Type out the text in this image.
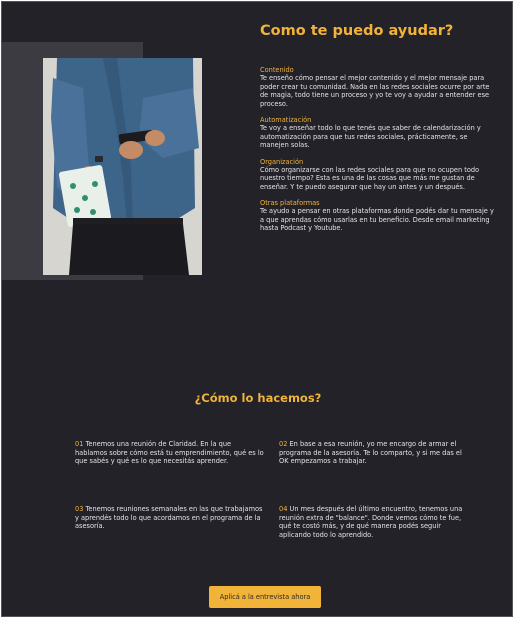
Como te puedo ayudar?
Contenido
Te enseño cómo pensar el mejor contenido y el mejor mensaje para poder crear tu comunidad. Nada en las redes sociales ocurre por arte de magia, todo tiene un proceso y yo te voy a ayudar a entender ese proceso.
Automatización
Te voy a enseñar todo lo que tenés que saber de calendarización y automatización para que tus redes sociales, prácticamente, se manejen solas.
Organización
Cómo organizarse con las redes sociales para que no ocupen todo nuestro tiempo? Esta es una de las cosas que más me gustan de enseñar. Y te puedo asegurar que hay un antes y un después.
Otras plataformas
Te ayudo a pensar en otras plataformas donde podés dar tu mensaje y a que aprendas cómo usarlas en tu beneficio. Desde email marketing hasta Podcast y Youtube.
¿Cómo lo hacemos?
01 Tenemos una reunión de Claridad. En la que hablamos sobre cómo está tu emprendimiento, qué es lo que sabés y qué es lo que necesitás aprender.
02 En base a esa reunión, yo me encargo de armar el programa de la asesoría. Te lo comparto, y si me das el OK empezamos a trabajar.
03 Tenemos reuniones semanales en las que trabajamos y aprendés todo lo que acordamos en el programa de la asesoría.
04 Un mes después del último encuentro, tenemos una reunión extra de "balance". Donde vemos cómo te fue, qué te costó más, y de qué manera podés seguir aplicando todo lo aprendido.
Aplicá a la entrevista ahora
